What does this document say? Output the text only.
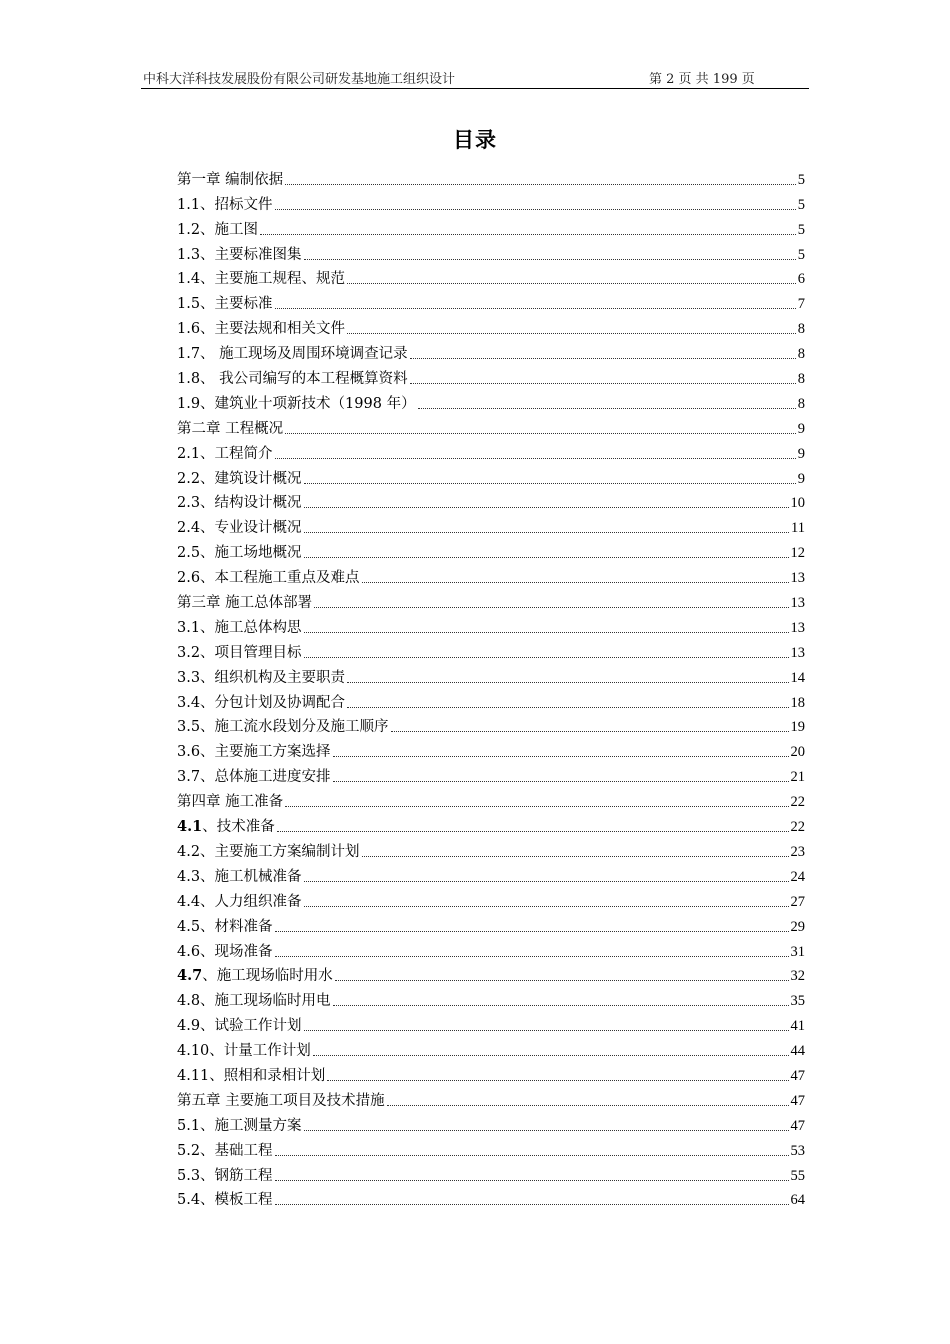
中科大洋科技发展股份有限公司研发基地施工组织设计	第 2 页 共 199 页
目录
第一章 编制依据	5
1.1、招标文件	5
1.2、施工图	5
1.3、主要标准图集	5
1.4、主要施工规程、规范	6
1.5、主要标准	7
1.6、主要法规和相关文件	8
1.7、 施工现场及周围环境调查记录	8
1.8、 我公司编写的本工程概算资料	8
1.9、建筑业十项新技术（1998 年）	8
第二章 工程概况	9
2.1、工程简介	9
2.2、建筑设计概况	9
2.3、结构设计概况	10
2.4、专业设计概况	11
2.5、施工场地概况	12
2.6、本工程施工重点及难点	13
第三章 施工总体部署	13
3.1、施工总体构思	13
3.2、项目管理目标	13
3.3、组织机构及主要职责	14
3.4、分包计划及协调配合	18
3.5、施工流水段划分及施工顺序	19
3.6、主要施工方案选择	20
3.7、总体施工进度安排	21
第四章 施工准备	22
4.1、技术准备	22
4.2、主要施工方案编制计划	23
4.3、施工机械准备	24
4.4、人力组织准备	27
4.5、材料准备	29
4.6、现场准备	31
4.7、施工现场临时用水	32
4.8、施工现场临时用电	35
4.9、试验工作计划	41
4.10、计量工作计划	44
4.11、照相和录相计划	47
第五章 主要施工项目及技术措施	47
5.1、施工测量方案	47
5.2、基础工程	53
5.3、钢筋工程	55
5.4、模板工程	64
